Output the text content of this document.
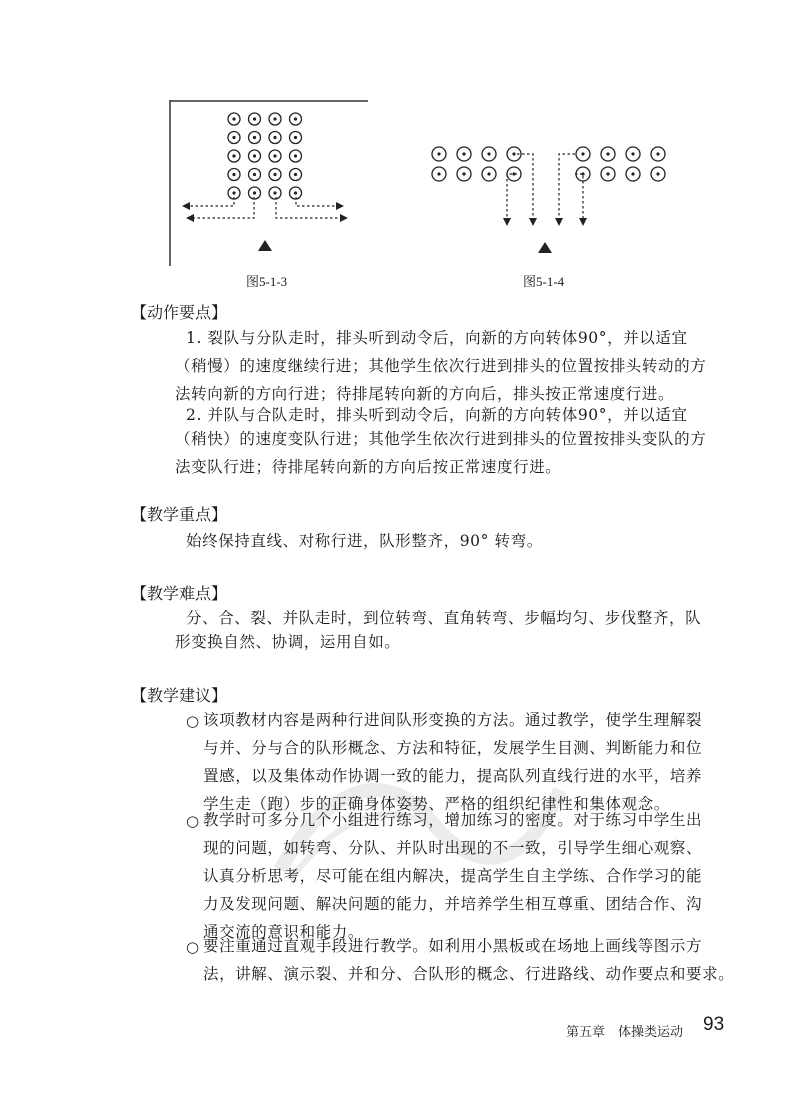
图5-1-3	图5-1-4
【动作要点】
1. 裂队与分队走时，排头听到动令后，向新的方向转体90°，并以适宜
（稍慢）的速度继续行进；其他学生依次行进到排头的位置按排头转动的方
法转向新的方向行进；待排尾转向新的方向后，排头按正常速度行进。
2. 并队与合队走时，排头听到动令后，向新的方向转体90°，并以适宜
（稍快）的速度变队行进；其他学生依次行进到排头的位置按排头变队的方
法变队行进；待排尾转向新的方向后按正常速度行进。
【教学重点】
始终保持直线、对称行进，队形整齐，90° 转弯。
【教学难点】
分、合、裂、并队走时，到位转弯、直角转弯、步幅均匀、步伐整齐，队
形变换自然、协调，运用自如。
【教学建议】
○ 该项教材内容是两种行进间队形变换的方法。通过教学，使学生理解裂
与并、分与合的队形概念、方法和特征，发展学生目测、判断能力和位
置感，以及集体动作协调一致的能力，提高队列直线行进的水平，培养
学生走（跑）步的正确身体姿势、严格的组织纪律性和集体观念。
○ 教学时可多分几个小组进行练习，增加练习的密度。对于练习中学生出
现的问题，如转弯、分队、并队时出现的不一致，引导学生细心观察、
认真分析思考，尽可能在组内解决，提高学生自主学练、合作学习的能
力及发现问题、解决问题的能力，并培养学生相互尊重、团结合作、沟
通交流的意识和能力。
○ 要注重通过直观手段进行教学。如利用小黑板或在场地上画线等图示方
法，讲解、演示裂、并和分、合队形的概念、行进路线、动作要点和要求。
第五章　体操类运动 93
